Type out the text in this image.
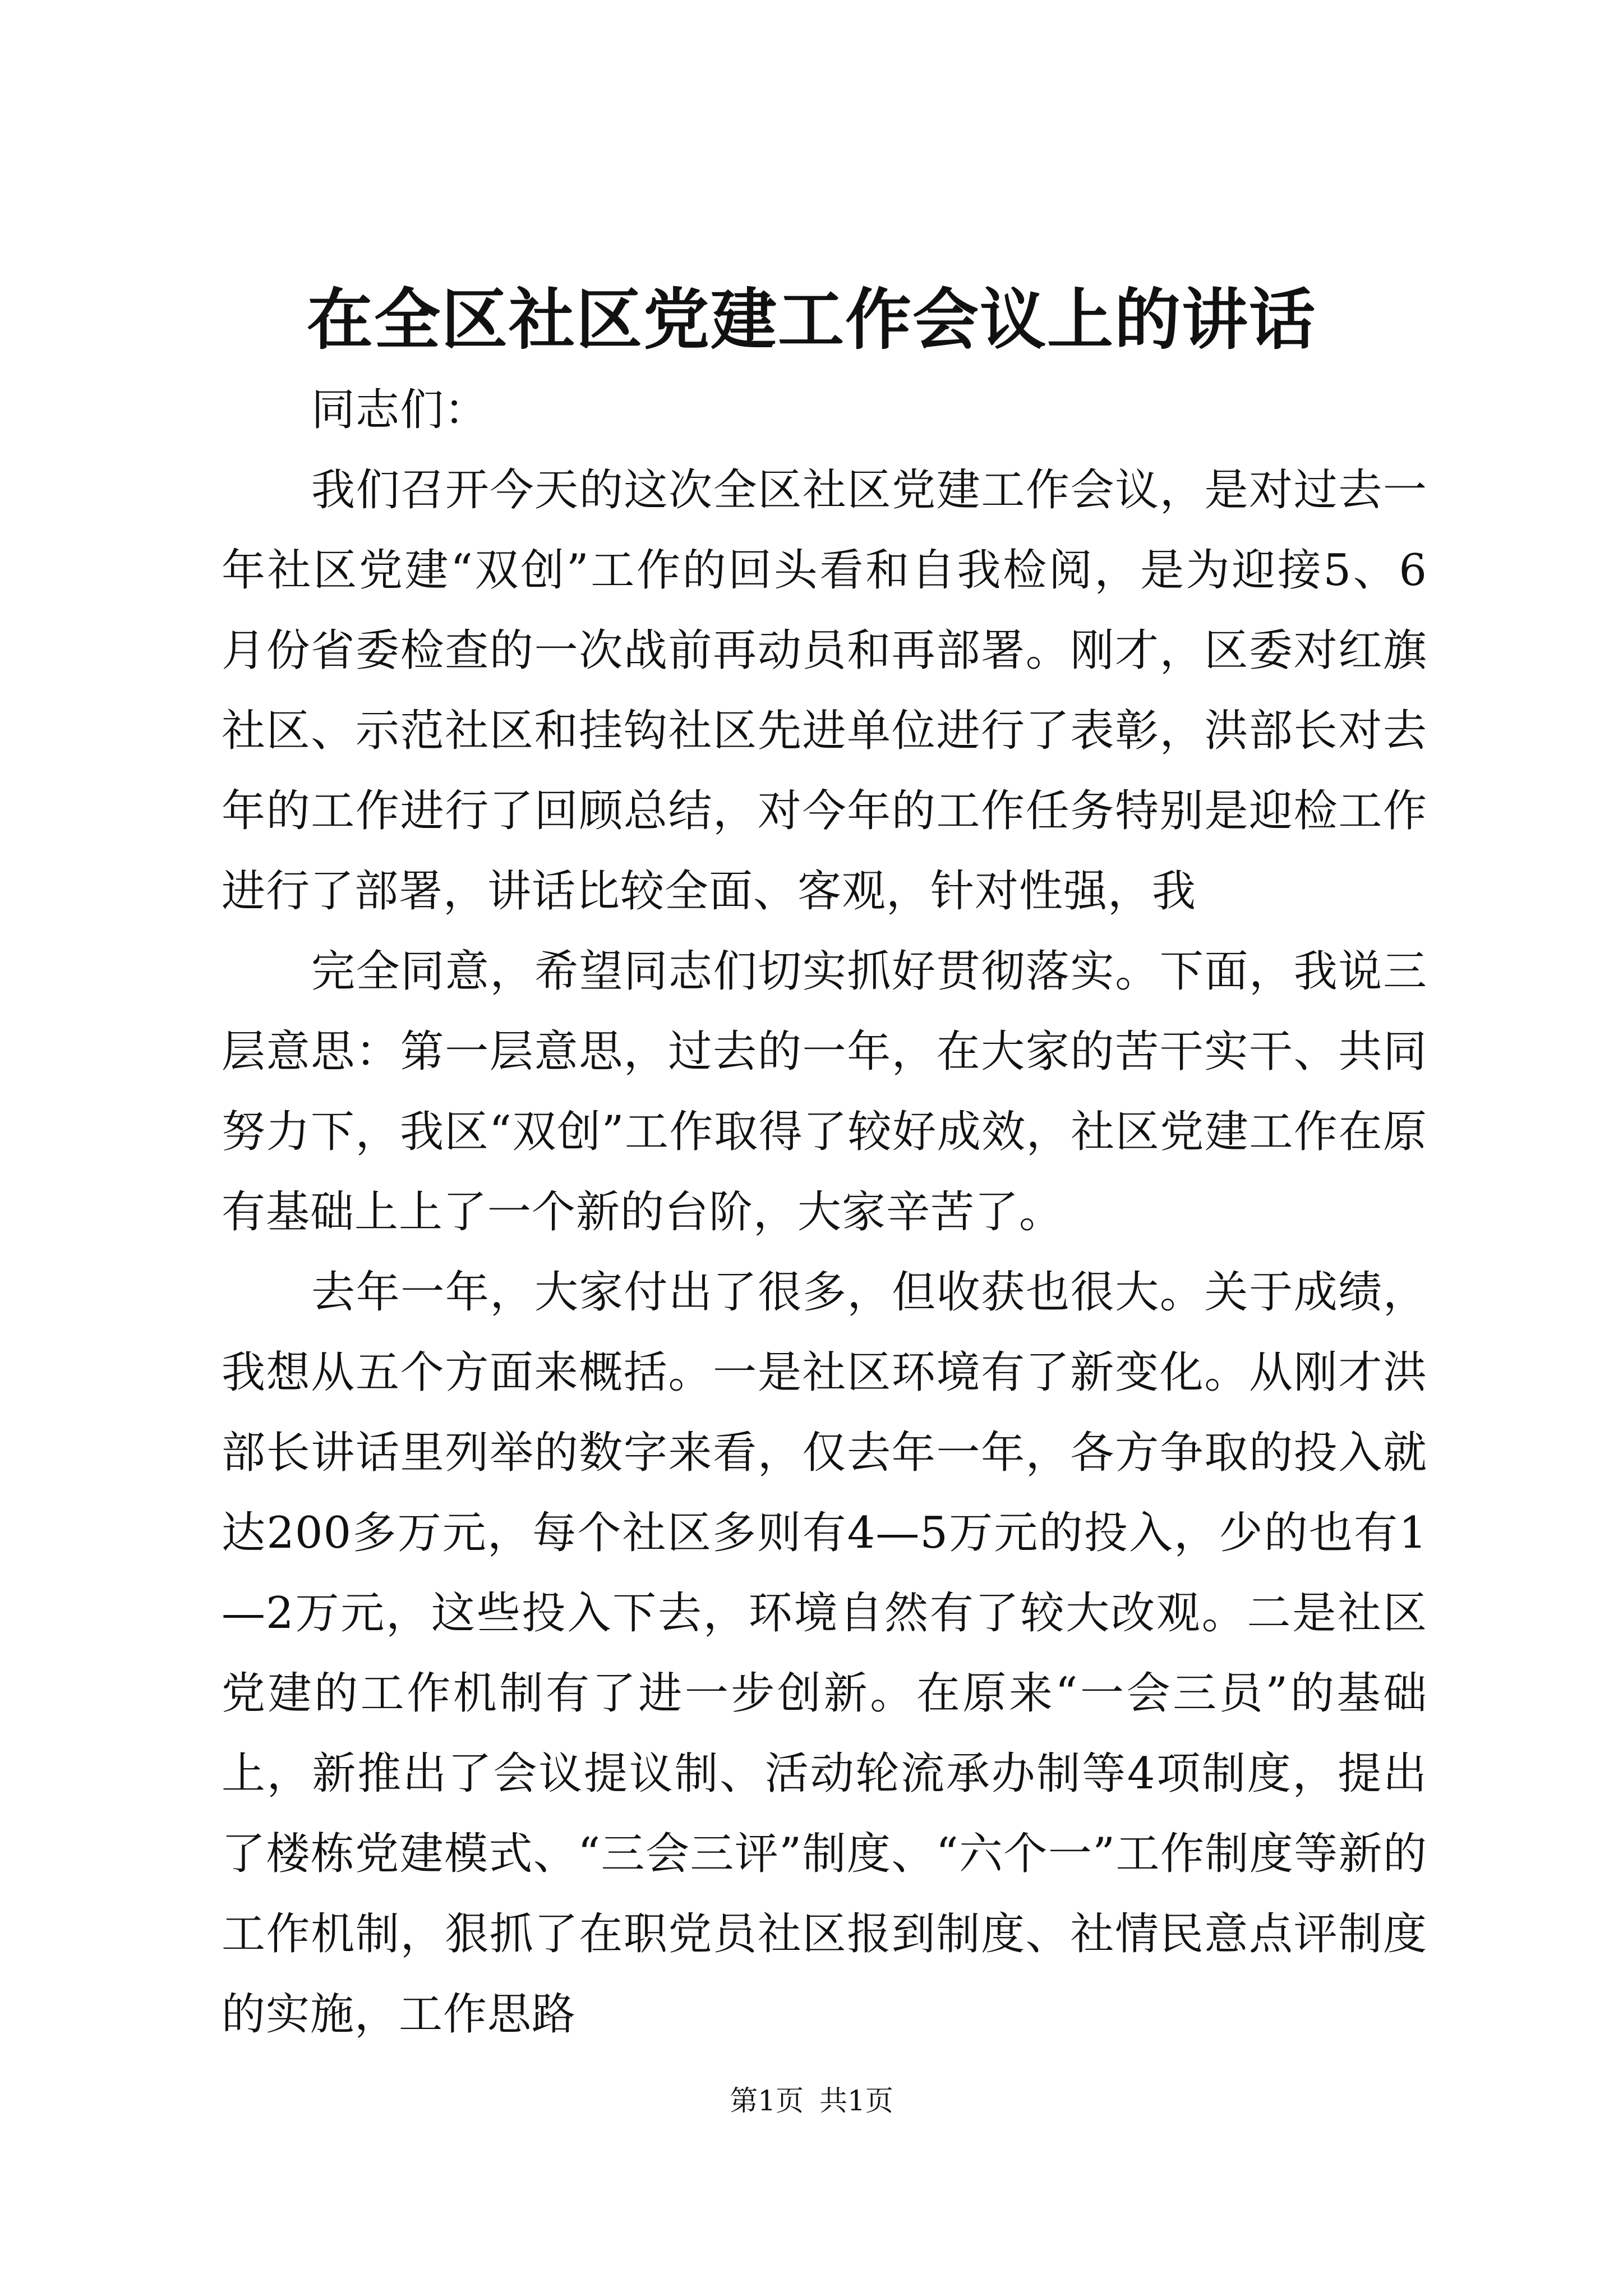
在全区社区党建工作会议上的讲话

同志们：

我们召开今天的这次全区社区党建工作会议，是对过去一年社区党建“双创”工作的回头看和自我检阅，是为迎接5、6月份省委检查的一次战前再动员和再部署。刚才，区委对红旗社区、示范社区和挂钩社区先进单位进行了表彰，洪部长对去年的工作进行了回顾总结，对今年的工作任务特别是迎检工作进行了部署，讲话比较全面、客观，针对性强，我

完全同意，希望同志们切实抓好贯彻落实。下面，我说三层意思：第一层意思，过去的一年，在大家的苦干实干、共同努力下，我区“双创”工作取得了较好成效，社区党建工作在原有基础上上了一个新的台阶，大家辛苦了。

去年一年，大家付出了很多，但收获也很大。关于成绩，我想从五个方面来概括。一是社区环境有了新变化。从刚才洪部长讲话里列举的数字来看，仅去年一年，各方争取的投入就达200多万元，每个社区多则有4—5万元的投入，少的也有1—2万元，这些投入下去，环境自然有了较大改观。二是社区党建的工作机制有了进一步创新。在原来“一会三员”的基础上，新推出了会议提议制、活动轮流承办制等4项制度，提出了楼栋党建模式、“三会三评”制度、“六个一”工作制度等新的工作机制，狠抓了在职党员社区报到制度、社情民意点评制度的实施，工作思路

第1页 共1页
